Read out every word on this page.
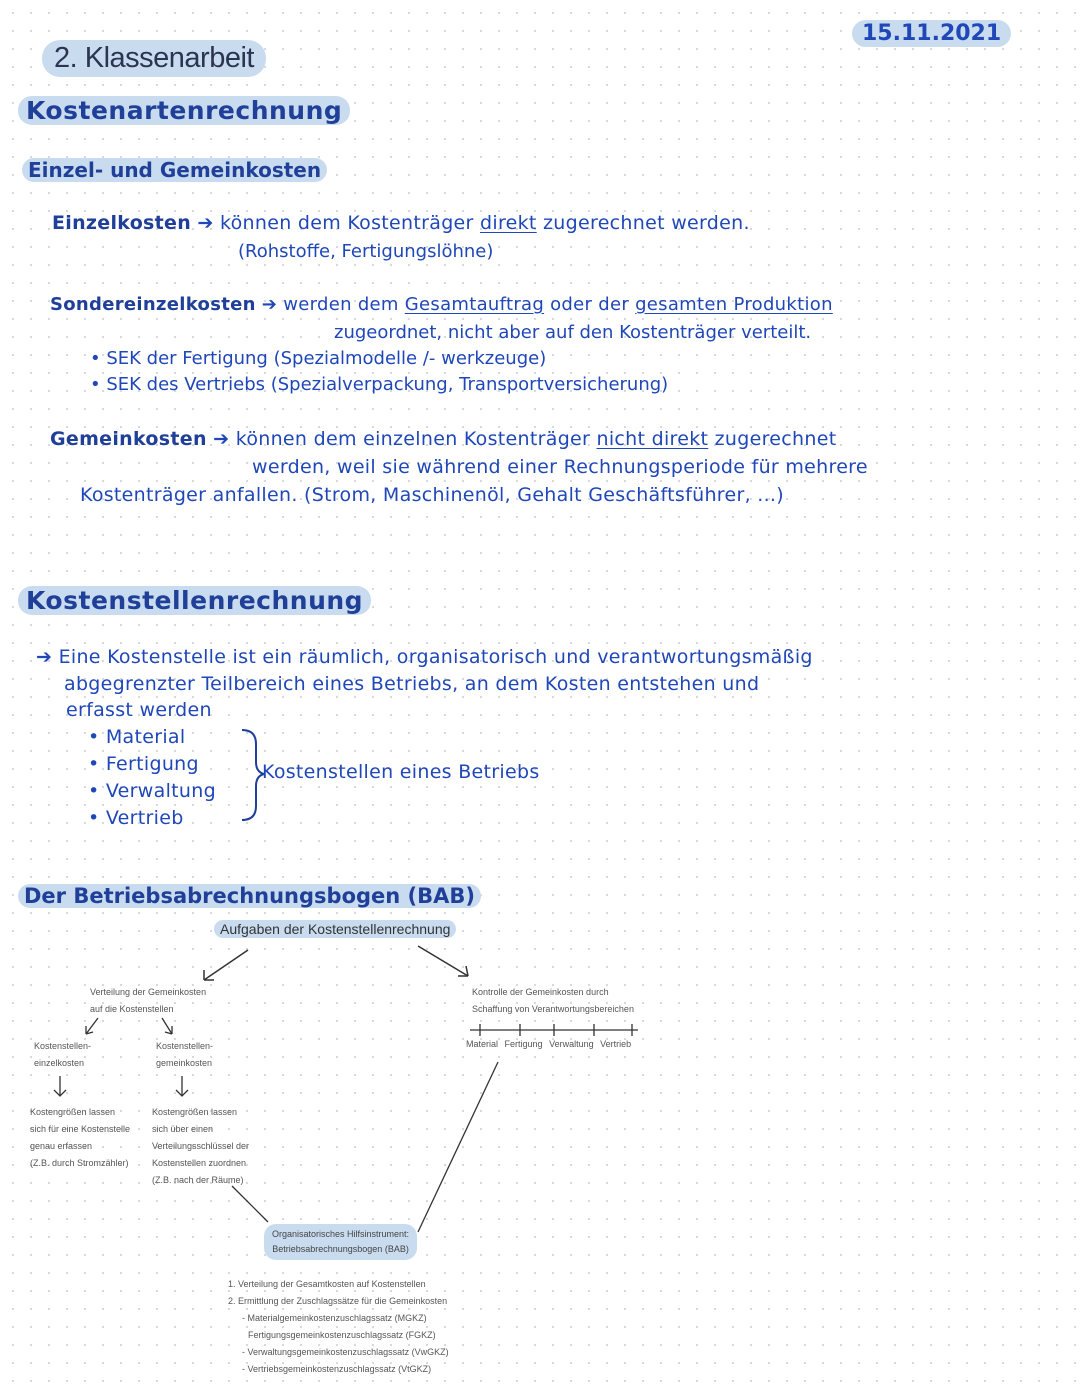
2. Klassenarbeit
15.11.2021
Kostenartenrechnung
Einzel- und Gemeinkosten
Einzelkosten ➔ können dem Kostenträger direkt zugerechnet werden.
(Rohstoffe, Fertigungslöhne)
Sondereinzelkosten ➔ werden dem Gesamtauftrag oder der gesamten Produktion
zugeordnet, nicht aber auf den Kostenträger verteilt.
• SEK der Fertigung (Spezialmodelle /- werkzeuge)
• SEK des Vertriebs (Spezialverpackung, Transportversicherung)
Gemeinkosten ➔ können dem einzelnen Kostenträger nicht direkt zugerechnet
werden, weil sie während einer Rechnungsperiode für mehrere
Kostenträger anfallen. (Strom, Maschinenöl, Gehalt Geschäftsführer, ...)
Kostenstellenrechnung
➔ Eine Kostenstelle ist ein räumlich, organisatorisch und verantwortungsmäßig
abgegrenzter Teilbereich eines Betriebs, an dem Kosten entstehen und
erfasst werden
• Material
• Fertigung
• Verwaltung
• Vertrieb
Kostenstellen eines Betriebs
Der Betriebsabrechnungsbogen (BAB)
Aufgaben der Kostenstellenrechnung
Verteilung der Gemeinkosten
auf die Kostenstellen
Kontrolle der Gemeinkosten durch
Schaffung von Verantwortungsbereichen
Material Fertigung Verwaltung Vertrieb
Kostenstellen-
einzelkosten
Kostenstellen-
gemeinkosten
Kostengrößen lassen
sich für eine Kostenstelle
genau erfassen
(Z.B. durch Stromzähler)
Kostengrößen lassen
sich über einen
Verteilungsschlüssel der
Kostenstellen zuordnen
(Z.B. nach der Räume)
Organisatorisches Hilfsinstrument:
Betriebsabrechnungsbogen (BAB)
1. Verteilung der Gesamtkosten auf Kostenstellen
2. Ermittlung der Zuschlagssätze für die Gemeinkosten
- Materialgemeinkostenzuschlagssatz (MGKZ)
Fertigungsgemeinkostenzuschlagssatz (FGKZ)
- Verwaltungsgemeinkostenzuschlagssatz (VwGKZ)
- Vertriebsgemeinkostenzuschlagssatz (VtGKZ)
